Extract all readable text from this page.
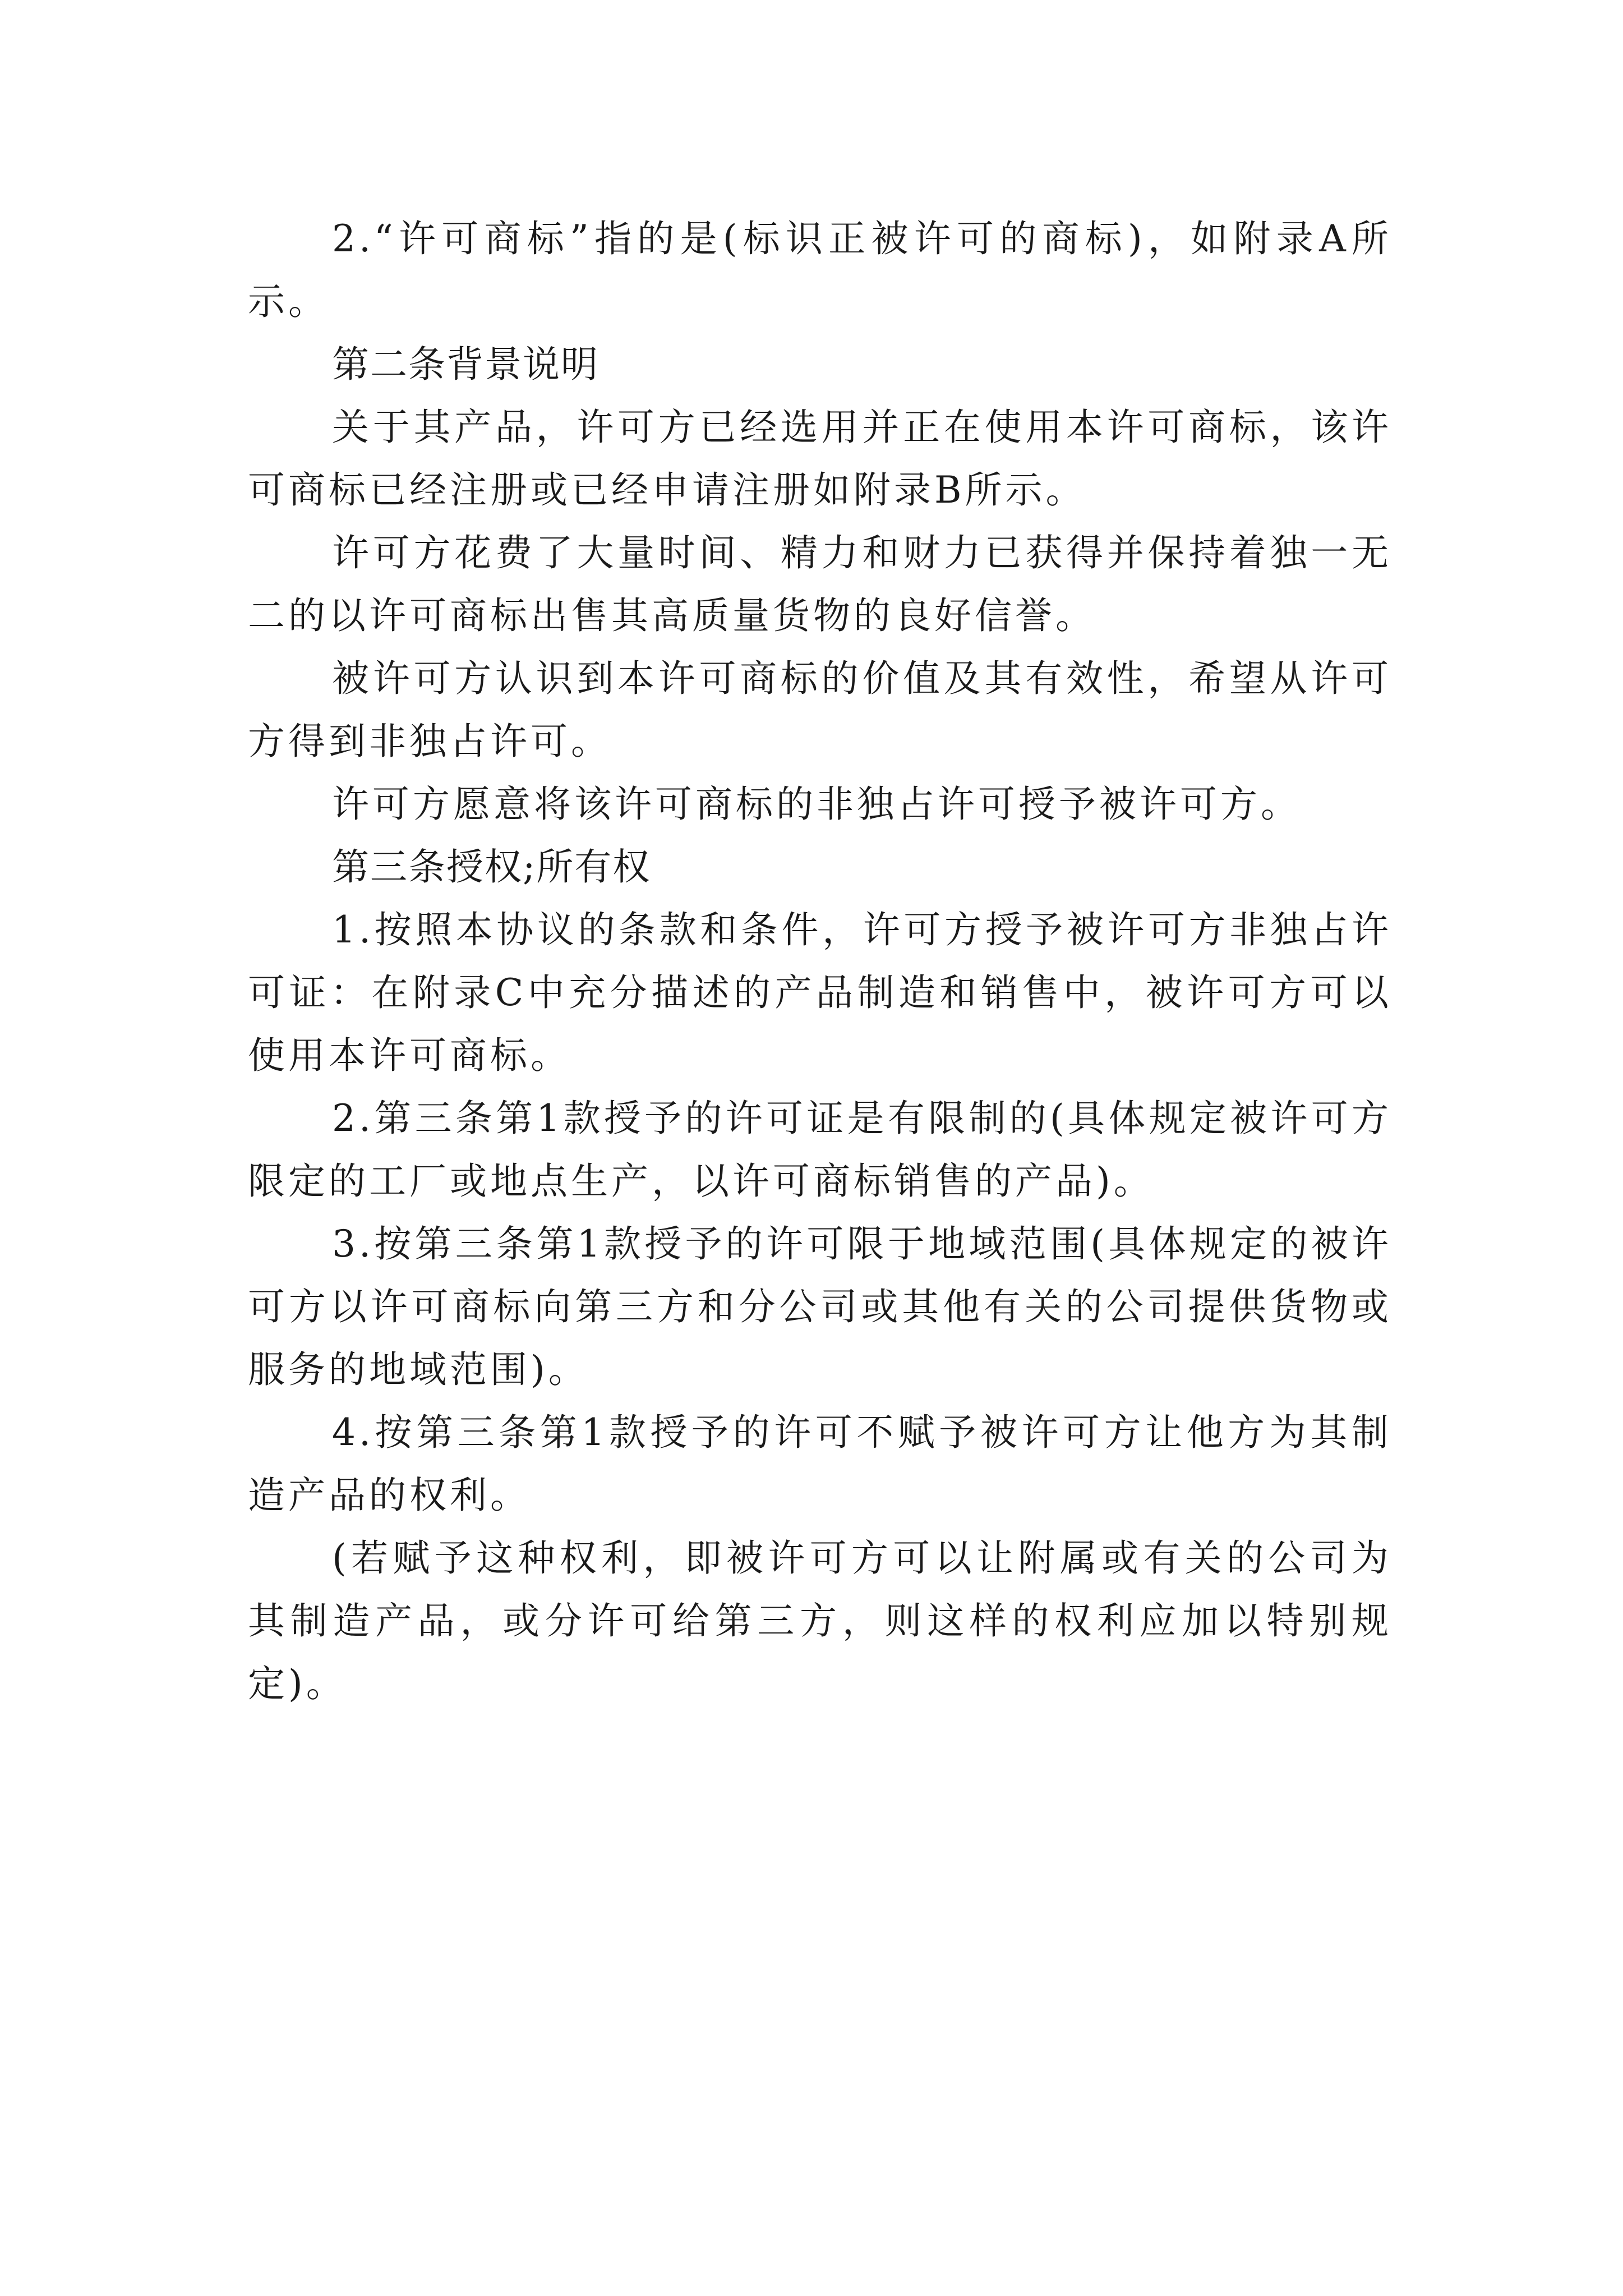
2.“许可商标”指的是(标识正被许可的商标)，如附录A所示。

第二条背景说明

关于其产品，许可方已经选用并正在使用本许可商标，该许可商标已经注册或已经申请注册如附录B所示。

许可方花费了大量时间、精力和财力已获得并保持着独一无二的以许可商标出售其高质量货物的良好信誉。

被许可方认识到本许可商标的价值及其有效性，希望从许可方得到非独占许可。

许可方愿意将该许可商标的非独占许可授予被许可方。

第三条授权;所有权

1.按照本协议的条款和条件，许可方授予被许可方非独占许可证：在附录C中充分描述的产品制造和销售中，被许可方可以使用本许可商标。

2.第三条第1款授予的许可证是有限制的(具体规定被许可方限定的工厂或地点生产，以许可商标销售的产品)。

3.按第三条第1款授予的许可限于地域范围(具体规定的被许可方以许可商标向第三方和分公司或其他有关的公司提供货物或服务的地域范围)。

4.按第三条第1款授予的许可不赋予被许可方让他方为其制造产品的权利。

(若赋予这种权利，即被许可方可以让附属或有关的公司为其制造产品，或分许可给第三方，则这样的权利应加以特别规定)。
